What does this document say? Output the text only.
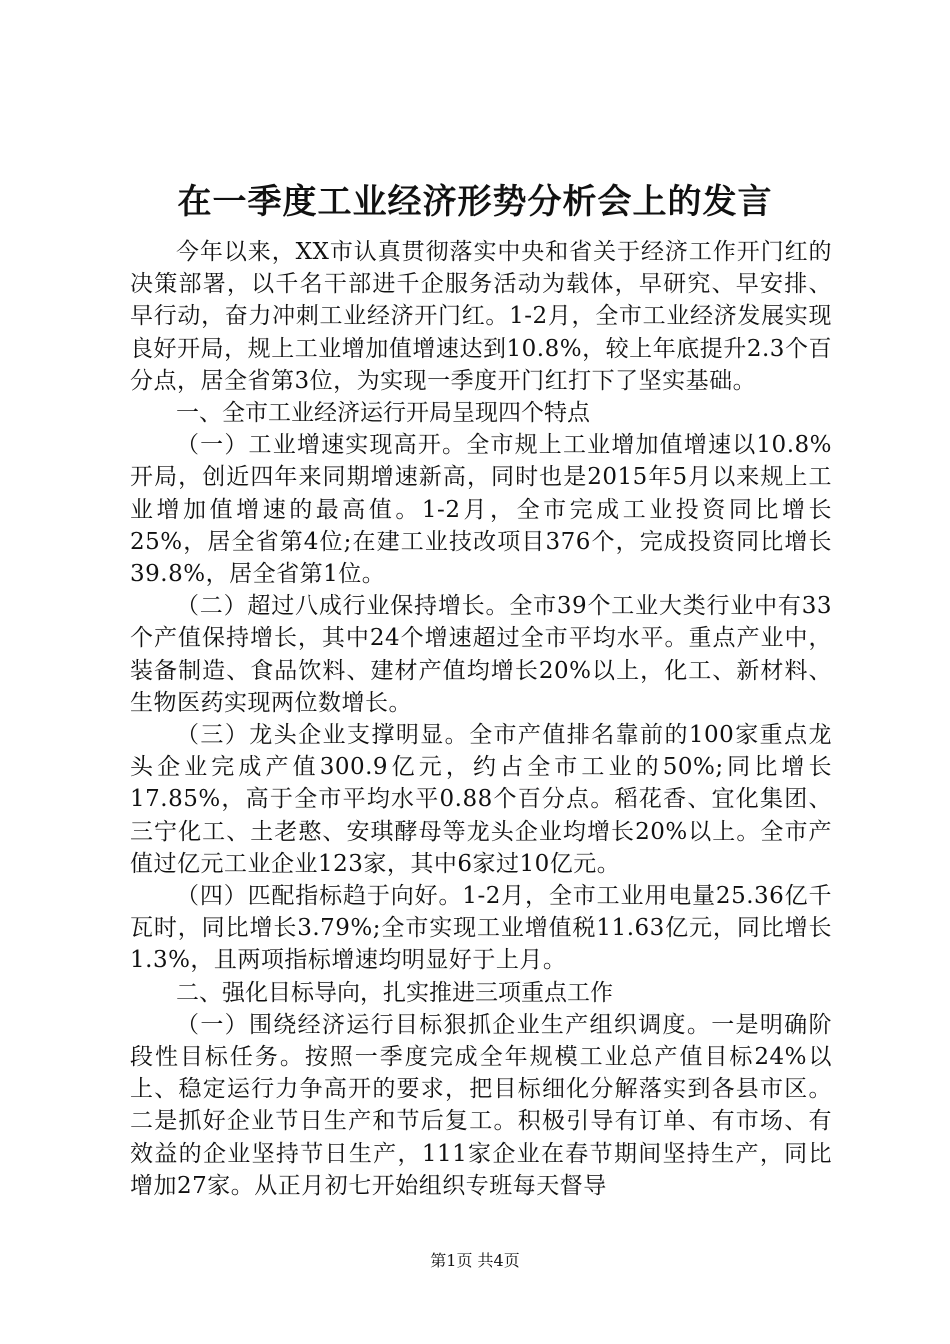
在一季度工业经济形势分析会上的发言

今年以来，XX市认真贯彻落实中央和省关于经济工作开门红的决策部署，以千名干部进千企服务活动为载体，早研究、早安排、早行动，奋力冲刺工业经济开门红。1-2月，全市工业经济发展实现良好开局，规上工业增加值增速达到10.8%，较上年底提升2.3个百分点，居全省第3位，为实现一季度开门红打下了坚实基础。

一、全市工业经济运行开局呈现四个特点

（一）工业增速实现高开。全市规上工业增加值增速以10.8%开局，创近四年来同期增速新高，同时也是2015年5月以来规上工业增加值增速的最高值。1-2月，全市完成工业投资同比增长25%，居全省第4位;在建工业技改项目376个，完成投资同比增长39.8%，居全省第1位。

（二）超过八成行业保持增长。全市39个工业大类行业中有33个产值保持增长，其中24个增速超过全市平均水平。重点产业中，装备制造、食品饮料、建材产值均增长20%以上，化工、新材料、生物医药实现两位数增长。

（三）龙头企业支撑明显。全市产值排名靠前的100家重点龙头企业完成产值300.9亿元，约占全市工业的50%;同比增长17.85%，高于全市平均水平0.88个百分点。稻花香、宜化集团、三宁化工、土老憨、安琪酵母等龙头企业均增长20%以上。全市产值过亿元工业企业123家，其中6家过10亿元。

（四）匹配指标趋于向好。1-2月，全市工业用电量25.36亿千瓦时，同比增长3.79%;全市实现工业增值税11.63亿元，同比增长1.3%，且两项指标增速均明显好于上月。

二、强化目标导向，扎实推进三项重点工作

（一）围绕经济运行目标狠抓企业生产组织调度。一是明确阶段性目标任务。按照一季度完成全年规模工业总产值目标24%以上、稳定运行力争高开的要求，把目标细化分解落实到各县市区。二是抓好企业节日生产和节后复工。积极引导有订单、有市场、有效益的企业坚持节日生产，111家企业在春节期间坚持生产，同比增加27家。从正月初七开始组织专班每天督导

第1页 共4页
